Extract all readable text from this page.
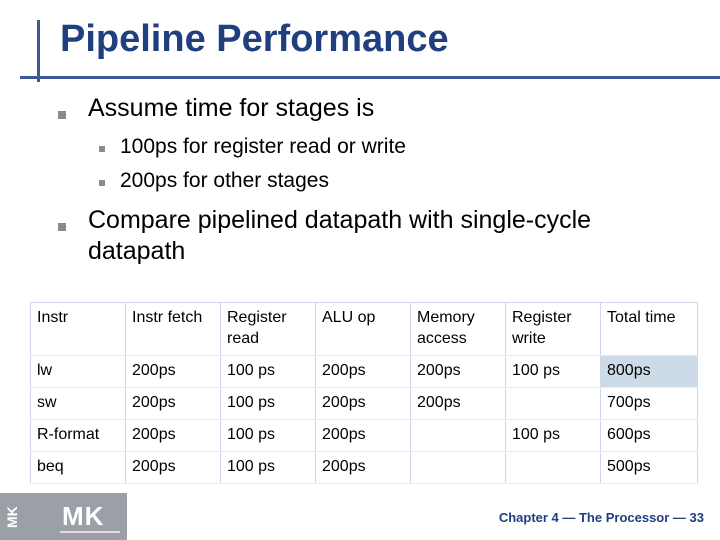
Pipeline Performance
Assume time for stages is
100ps for register read or write
200ps for other stages
Compare pipelined datapath with single-cycle datapath
Instr	Instr fetch	Register read	ALU op	Memory access	Register write	Total time
lw	200ps	100 ps	200ps	200ps	100 ps	800ps
sw	200ps	100 ps	200ps	200ps		700ps
R-format	200ps	100 ps	200ps		100 ps	600ps
beq	200ps	100 ps	200ps			500ps
MK MK	Chapter 4 — The Processor — 33
